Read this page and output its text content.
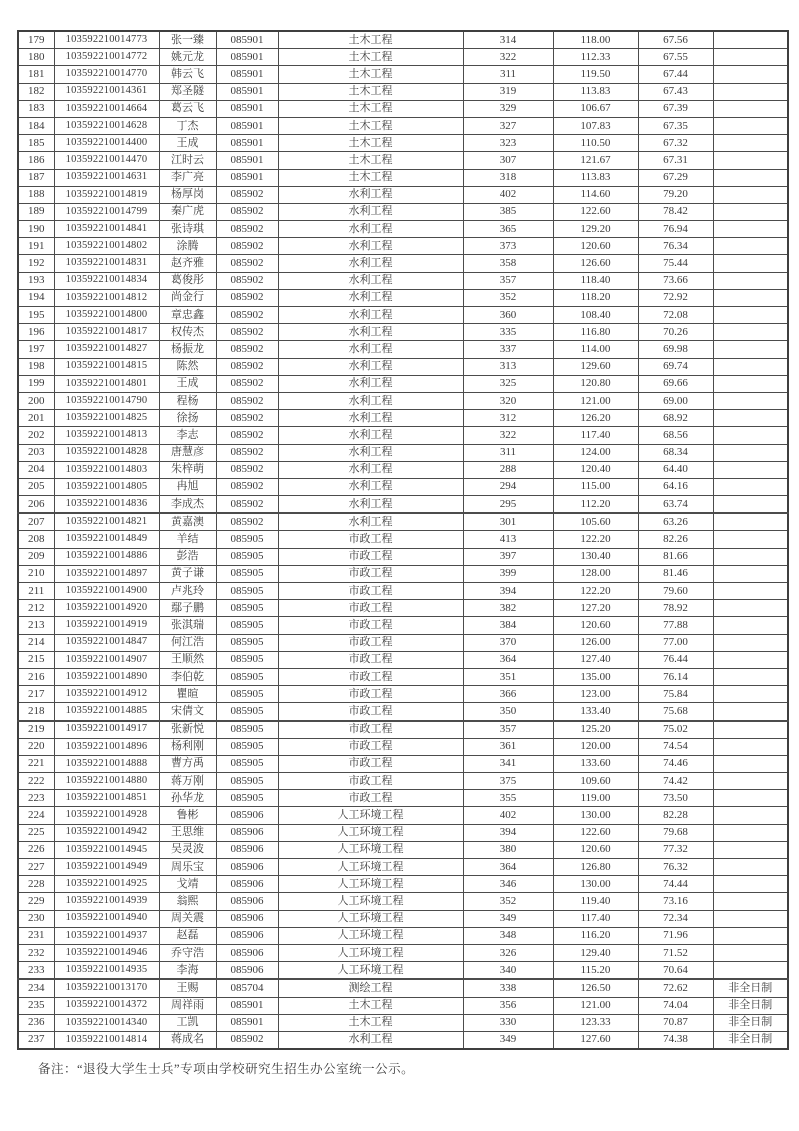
179	103592210014773	张一臻	085901	土木工程	314	118.00	67.56	
180	103592210014772	姚元龙	085901	土木工程	322	112.33	67.55	
181	103592210014770	韩云飞	085901	土木工程	311	119.50	67.44	
182	103592210014361	郑圣隧	085901	土木工程	319	113.83	67.43	
183	103592210014664	葛云飞	085901	土木工程	329	106.67	67.39	
184	103592210014628	丁杰	085901	土木工程	327	107.83	67.35	
185	103592210014400	王成	085901	土木工程	323	110.50	67.32	
186	103592210014470	江时云	085901	土木工程	307	121.67	67.31	
187	103592210014631	李广亮	085901	土木工程	318	113.83	67.29	
188	103592210014819	杨厚岗	085902	水利工程	402	114.60	79.20	
189	103592210014799	秦广虎	085902	水利工程	385	122.60	78.42	
190	103592210014841	张诗琪	085902	水利工程	365	129.20	76.94	
191	103592210014802	涂腾	085902	水利工程	373	120.60	76.34	
192	103592210014831	赵齐雅	085902	水利工程	358	126.60	75.44	
193	103592210014834	葛俊彤	085902	水利工程	357	118.40	73.66	
194	103592210014812	尚金行	085902	水利工程	352	118.20	72.92	
195	103592210014800	章忠鑫	085902	水利工程	360	108.40	72.08	
196	103592210014817	权传杰	085902	水利工程	335	116.80	70.26	
197	103592210014827	杨振龙	085902	水利工程	337	114.00	69.98	
198	103592210014815	陈然	085902	水利工程	313	129.60	69.74	
199	103592210014801	王成	085902	水利工程	325	120.80	69.66	
200	103592210014790	程杨	085902	水利工程	320	121.00	69.00	
201	103592210014825	徐扬	085902	水利工程	312	126.20	68.92	
202	103592210014813	李志	085902	水利工程	322	117.40	68.56	
203	103592210014828	唐慧彦	085902	水利工程	311	124.00	68.34	
204	103592210014803	朱梓萌	085902	水利工程	288	120.40	64.40	
205	103592210014805	冉旭	085902	水利工程	294	115.00	64.16	
206	103592210014836	李成杰	085902	水利工程	295	112.20	63.74	
207	103592210014821	黄嘉澳	085902	水利工程	301	105.60	63.26	
208	103592210014849	羊结	085905	市政工程	413	122.20	82.26	
209	103592210014886	彭浩	085905	市政工程	397	130.40	81.66	
210	103592210014897	黄子谦	085905	市政工程	399	128.00	81.46	
211	103592210014900	卢兆玲	085905	市政工程	394	122.20	79.60	
212	103592210014920	鄢子鹏	085905	市政工程	382	127.20	78.92	
213	103592210014919	张淇瑞	085905	市政工程	384	120.60	77.88	
214	103592210014847	何江浩	085905	市政工程	370	126.00	77.00	
215	103592210014907	王顺然	085905	市政工程	364	127.40	76.44	
216	103592210014890	李伯乾	085905	市政工程	351	135.00	76.14	
217	103592210014912	瞿暄	085905	市政工程	366	123.00	75.84	
218	103592210014885	宋倩文	085905	市政工程	350	133.40	75.68	
219	103592210014917	张新悦	085905	市政工程	357	125.20	75.02	
220	103592210014896	杨利刚	085905	市政工程	361	120.00	74.54	
221	103592210014888	曹方禹	085905	市政工程	341	133.60	74.46	
222	103592210014880	蒋万刚	085905	市政工程	375	109.60	74.42	
223	103592210014851	孙华龙	085905	市政工程	355	119.00	73.50	
224	103592210014928	鲁彬	085906	人工环境工程	402	130.00	82.28	
225	103592210014942	王思维	085906	人工环境工程	394	122.60	79.68	
226	103592210014945	吴灵波	085906	人工环境工程	380	120.60	77.32	
227	103592210014949	周乐宝	085906	人工环境工程	364	126.80	76.32	
228	103592210014925	戈靖	085906	人工环境工程	346	130.00	74.44	
229	103592210014939	翁熙	085906	人工环境工程	352	119.40	73.16	
230	103592210014940	周关震	085906	人工环境工程	349	117.40	72.34	
231	103592210014937	赵磊	085906	人工环境工程	348	116.20	71.96	
232	103592210014946	乔守浩	085906	人工环境工程	326	129.40	71.52	
233	103592210014935	李海	085906	人工环境工程	340	115.20	70.64	
234	103592210013170	王赐	085704	测绘工程	338	126.50	72.62	非全日制
235	103592210014372	周祥雨	085901	土木工程	356	121.00	74.04	非全日制
236	103592210014340	工凯	085901	土木工程	330	123.33	70.87	非全日制
237	103592210014814	蒋成名	085902	水利工程	349	127.60	74.38	非全日制
备注：“退役大学生士兵”专项由学校研究生招生办公室统一公示。
